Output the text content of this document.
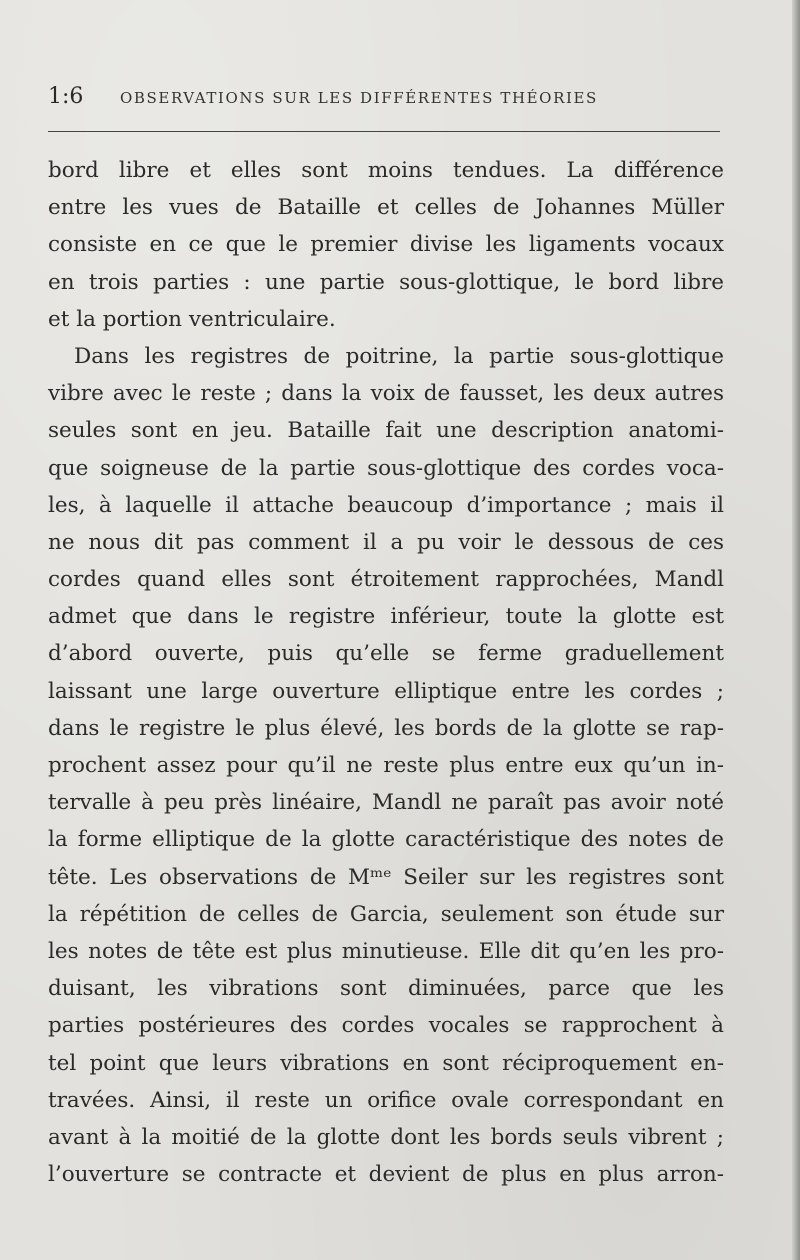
1:6 OBSERVATIONS SUR LES DIFFÉRENTES THÉORIES
bord libre et elles sont moins tendues. La différence
entre les vues de Bataille et celles de Johannes Müller
consiste en ce que le premier divise les ligaments vocaux
en trois parties : une partie sous-glottique, le bord libre
et la portion ventriculaire.
Dans les registres de poitrine, la partie sous-glottique
vibre avec le reste ; dans la voix de fausset, les deux autres
seules sont en jeu. Bataille fait une description anatomi-
que soigneuse de la partie sous-glottique des cordes voca-
les, à laquelle il attache beaucoup d’importance ; mais il
ne nous dit pas comment il a pu voir le dessous de ces
cordes quand elles sont étroitement rapprochées, Mandl
admet que dans le registre inférieur, toute la glotte est
d’abord ouverte, puis qu’elle se ferme graduellement
laissant une large ouverture elliptique entre les cordes ;
dans le registre le plus élevé, les bords de la glotte se rap-
prochent assez pour qu’il ne reste plus entre eux qu’un in-
tervalle à peu près linéaire, Mandl ne paraît pas avoir noté
la forme elliptique de la glotte caractéristique des notes de
tête. Les observations de Mᵐᵉ Seiler sur les registres sont
la répétition de celles de Garcia, seulement son étude sur
les notes de tête est plus minutieuse. Elle dit qu’en les pro-
duisant, les vibrations sont diminuées, parce que les
parties postérieures des cordes vocales se rapprochent à
tel point que leurs vibrations en sont réciproquement en-
travées. Ainsi, il reste un orifice ovale correspondant en
avant à la moitié de la glotte dont les bords seuls vibrent ;
l’ouverture se contracte et devient de plus en plus arron-
